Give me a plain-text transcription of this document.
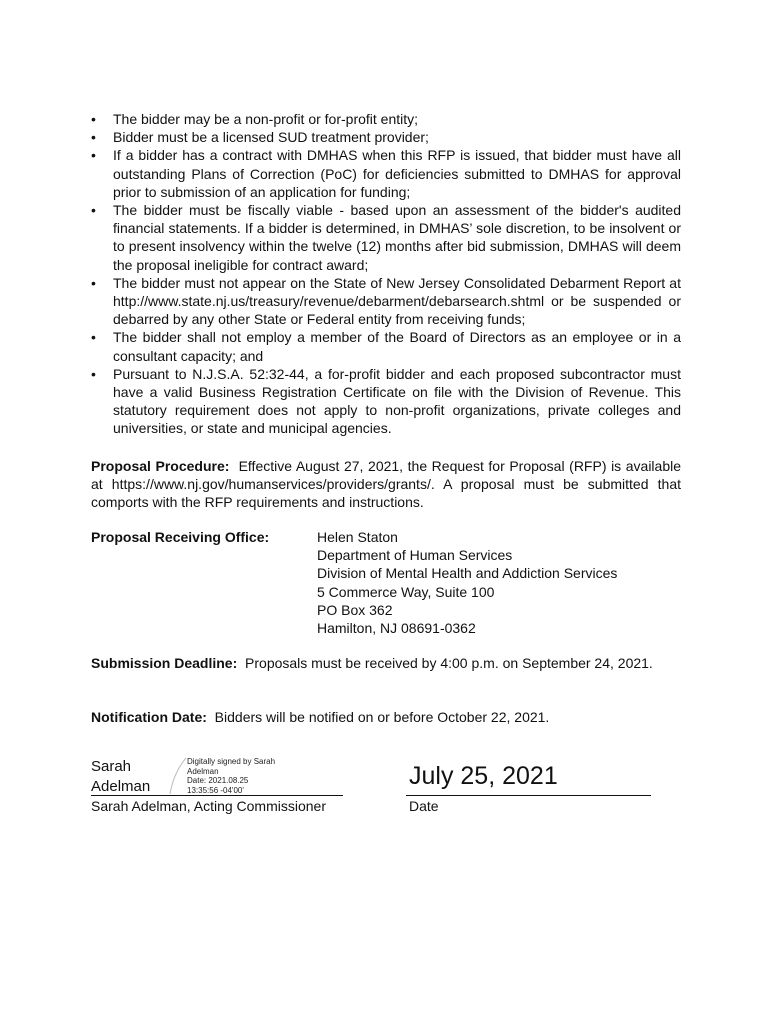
• The bidder may be a non-profit or for-profit entity;
• Bidder must be a licensed SUD treatment provider;
• If a bidder has a contract with DMHAS when this RFP is issued, that bidder must have all outstanding Plans of Correction (PoC) for deficiencies submitted to DMHAS for approval prior to submission of an application for funding;
• The bidder must be fiscally viable - based upon an assessment of the bidder's audited financial statements. If a bidder is determined, in DMHAS’ sole discretion, to be insolvent or to present insolvency within the twelve (12) months after bid submission, DMHAS will deem the proposal ineligible for contract award;
• The bidder must not appear on the State of New Jersey Consolidated Debarment Report at http://www.state.nj.us/treasury/revenue/debarment/debarsearch.shtml or be suspended or debarred by any other State or Federal entity from receiving funds;
• The bidder shall not employ a member of the Board of Directors as an employee or in a consultant capacity; and
• Pursuant to N.J.S.A. 52:32-44, a for-profit bidder and each proposed subcontractor must have a valid Business Registration Certificate on file with the Division of Revenue. This statutory requirement does not apply to non-profit organizations, private colleges and universities, or state and municipal agencies.

Proposal Procedure: Effective August 27, 2021, the Request for Proposal (RFP) is available at https://www.nj.gov/humanservices/providers/grants/. A proposal must be submitted that comports with the RFP requirements and instructions.

Proposal Receiving Office:	Helen Staton
Department of Human Services
Division of Mental Health and Addiction Services
5 Commerce Way, Suite 100
PO Box 362
Hamilton, NJ 08691-0362

Submission Deadline: Proposals must be received by 4:00 p.m. on September 24, 2021.

Notification Date: Bidders will be notified on or before October 22, 2021.

Sarah
Adelman
Digitally signed by Sarah
Adelman
Date: 2021.08.25
13:35:56 -04'00'
Sarah Adelman, Acting Commissioner
July 25, 2021
Date
